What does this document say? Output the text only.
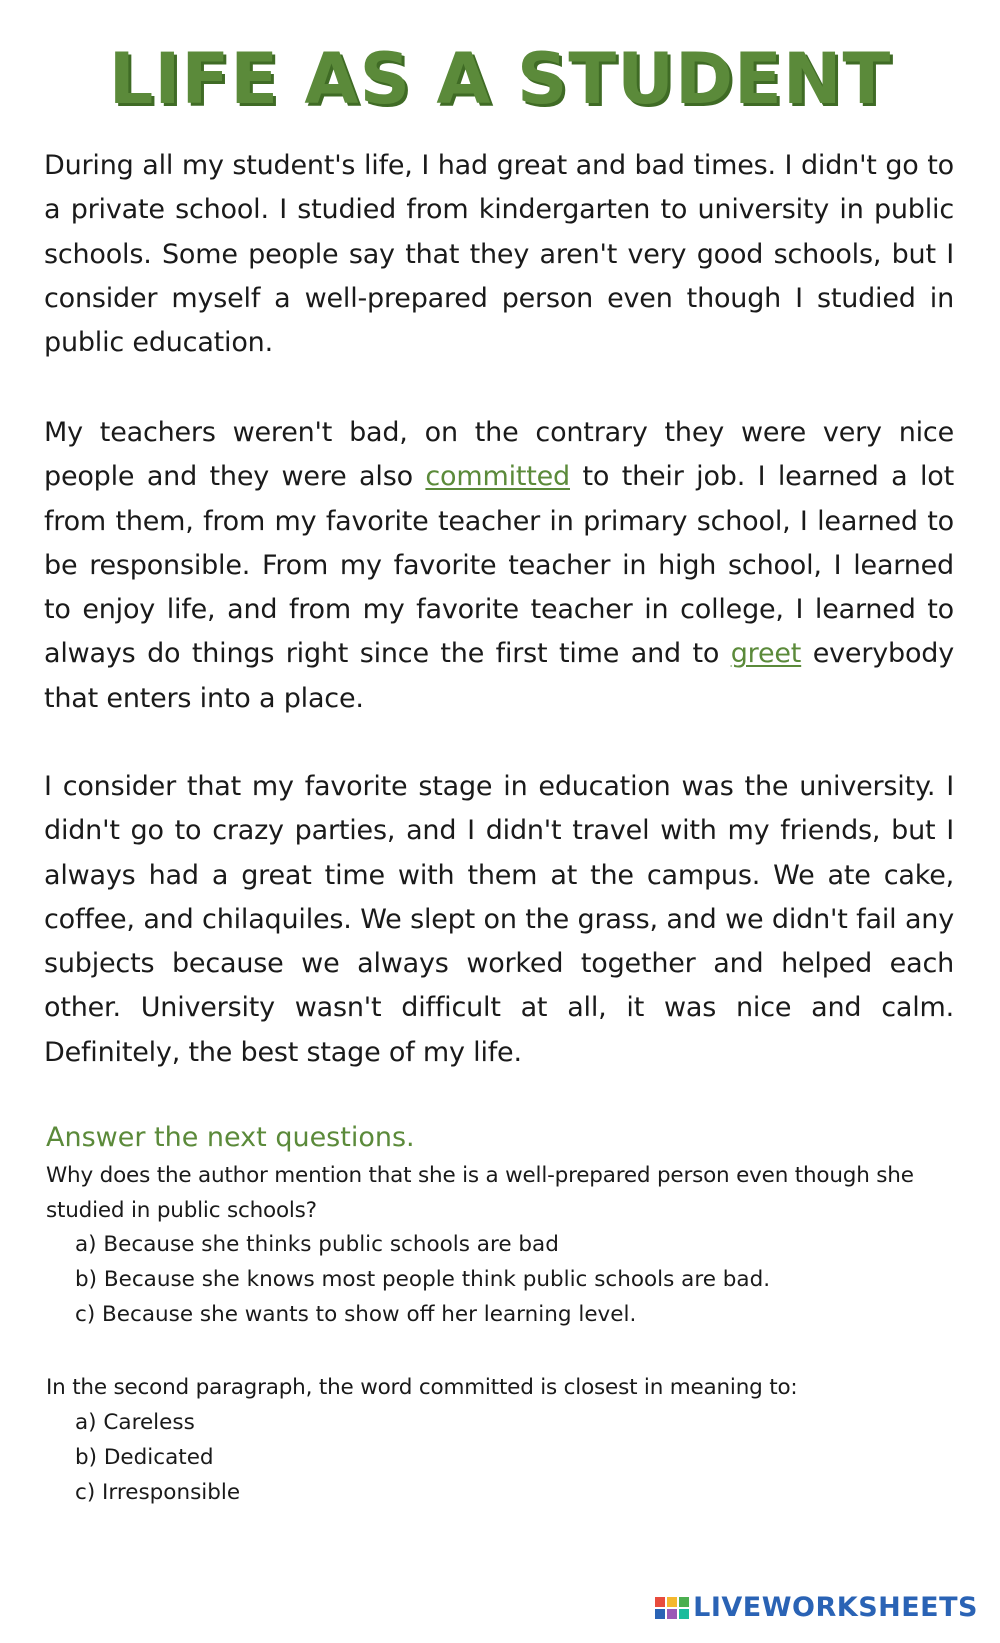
LIFE AS A STUDENT

During all my student's life, I had great and bad times. I didn't go to a private school. I studied from kindergarten to university in public schools. Some people say that they aren't very good schools, but I consider myself a well-prepared person even though I studied in public education.

My teachers weren't bad, on the contrary they were very nice people and they were also committed to their job. I learned a lot from them, from my favorite teacher in primary school, I learned to be responsible. From my favorite teacher in high school, I learned to enjoy life, and from my favorite teacher in college, I learned to always do things right since the first time and to greet everybody that enters into a place.

I consider that my favorite stage in education was the university. I didn't go to crazy parties, and I didn't travel with my friends, but I always had a great time with them at the campus. We ate cake, coffee, and chilaquiles. We slept on the grass, and we didn't fail any subjects because we always worked together and helped each other. University wasn't difficult at all, it was nice and calm. Definitely, the best stage of my life.

Answer the next questions.

Why does the author mention that she is a well-prepared person even though she studied in public schools?

a) Because she thinks public schools are bad
b) Because she knows most people think public schools are bad.
c) Because she wants to show off her learning level.

In the second paragraph, the word committed is closest in meaning to:

a) Careless
b) Dedicated
c) Irresponsible
LIVEWORKSHEETS
